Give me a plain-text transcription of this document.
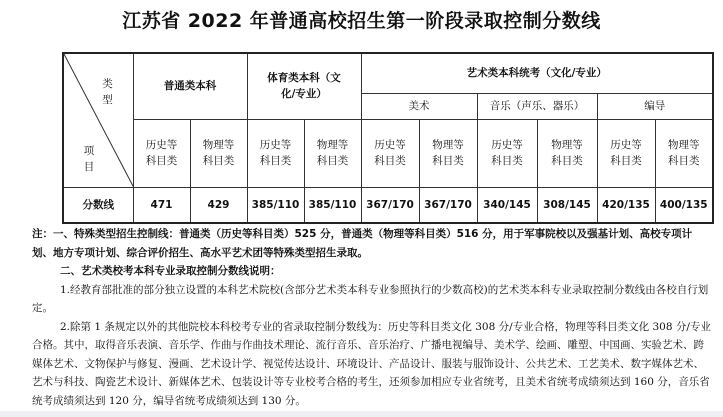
江苏省 2022 年普通高校招生第一阶段录取控制分数线
类型
项目	普通类本科		体育类本科（文化/专业）		艺术类本科统考（文化/专业）					
					美术		音乐（声乐、器乐）		编导	
	历史等科目类	物理等科目类	历史等科目类	物理等科目类	历史等科目类	物理等科目类	历史等科目类	物理等科目类	历史等科目类	物理等科目类
分数线	471	429	385/110	385/110	367/170	367/170	340/145	308/145	420/135	400/135

注：一、特殊类型招生控制线：普通类（历史等科目类）525 分，普通类（物理等科目类）516 分，用于军事院校以及强基计划、高校专项计划、地方专项计划、综合评价招生、高水平艺术团等特殊类型招生录取。

二、艺术类校考本科专业录取控制分数线说明：

1.经教育部批准的部分独立设置的本科艺术院校(含部分艺术类本科专业参照执行的少数高校)的艺术类本科专业录取控制分数线由各校自行划定。

2.除第 1 条规定以外的其他院校本科校考专业的省录取控制分数线为：历史等科目类文化 308 分/专业合格，物理等科目类文化 308 分/专业合格。其中，取得音乐表演、音乐学、作曲与作曲技术理论、流行音乐、音乐治疗、广播电视编导、美术学、绘画、雕塑、中国画、实验艺术、跨媒体艺术、文物保护与修复、漫画、艺术设计学、视觉传达设计、环境设计、产品设计、服装与服饰设计、公共艺术、工艺美术、数字媒体艺术、艺术与科技、陶瓷艺术设计、新媒体艺术、包装设计等专业校考合格的考生，还须参加相应专业省统考，且美术省统考成绩须达到 160 分，音乐省统考成绩须达到 120 分，编导省统考成绩须达到 130 分。
